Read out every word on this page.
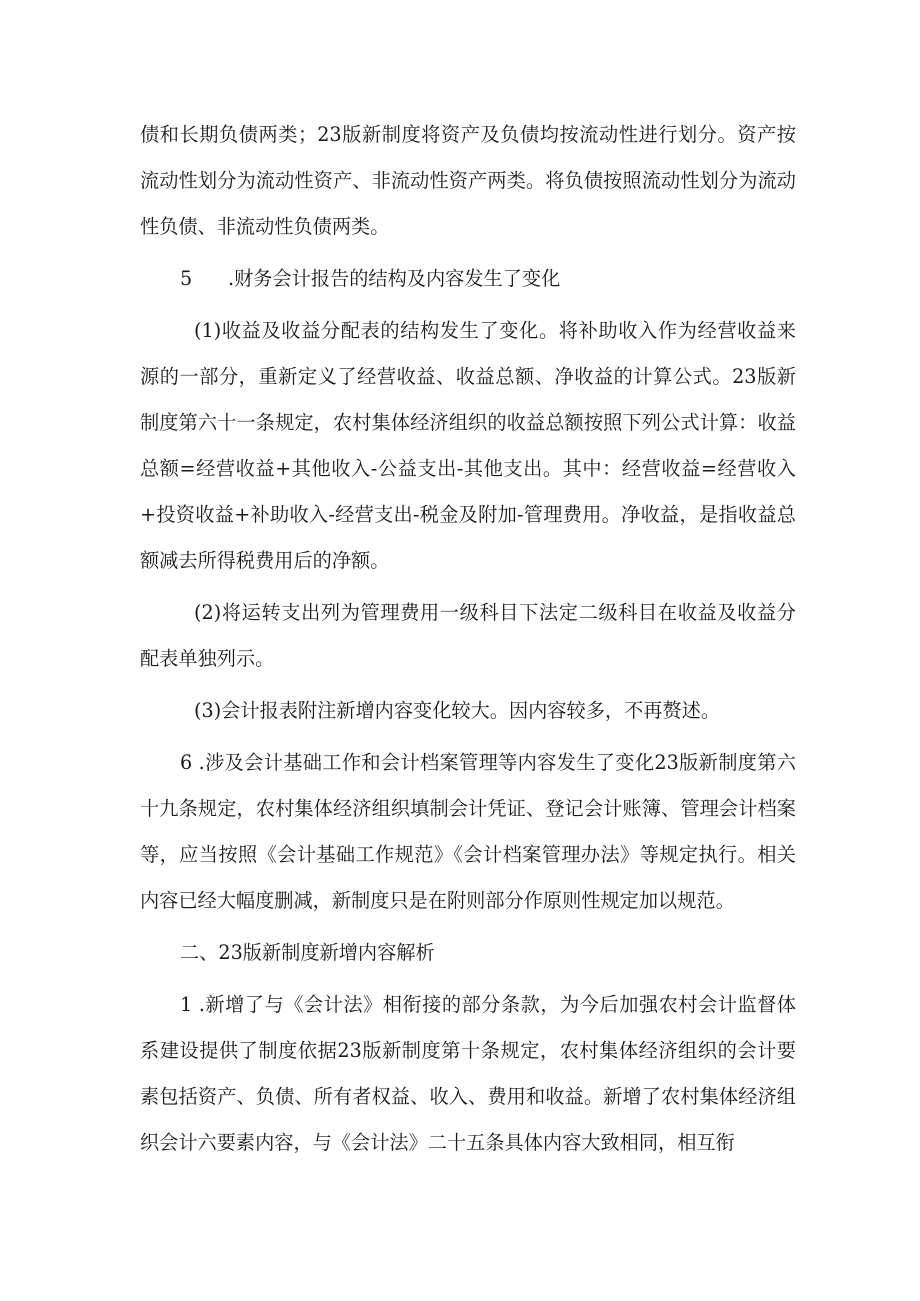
债和长期负债两类；23版新制度将资产及负债均按流动性进行划分。资产按流动性划分为流动性资产、非流动性资产两类。将负债按照流动性划分为流动性负债、非流动性负债两类。

5 .财务会计报告的结构及内容发生了变化

(1)收益及收益分配表的结构发生了变化。将补助收入作为经营收益来源的一部分，重新定义了经营收益、收益总额、净收益的计算公式。23版新制度第六十一条规定，农村集体经济组织的收益总额按照下列公式计算：收益总额=经营收益+其他收入-公益支出-其他支出。其中：经营收益=经营收入+投资收益+补助收入-经营支出-税金及附加-管理费用。净收益，是指收益总额减去所得税费用后的净额。

(2)将运转支出列为管理费用一级科目下法定二级科目在收益及收益分配表单独列示。

(3)会计报表附注新增内容变化较大。因内容较多，不再赘述。

6 .涉及会计基础工作和会计档案管理等内容发生了变化23版新制度第六十九条规定，农村集体经济组织填制会计凭证、登记会计账簿、管理会计档案等，应当按照《会计基础工作规范》《会计档案管理办法》等规定执行。相关内容已经大幅度删减，新制度只是在附则部分作原则性规定加以规范。

二、23版新制度新增内容解析

1 .新增了与《会计法》相衔接的部分条款，为今后加强农村会计监督体系建设提供了制度依据23版新制度第十条规定，农村集体经济组织的会计要素包括资产、负债、所有者权益、收入、费用和收益。新增了农村集体经济组织会计六要素内容，与《会计法》二十五条具体内容大致相同，相互衔
